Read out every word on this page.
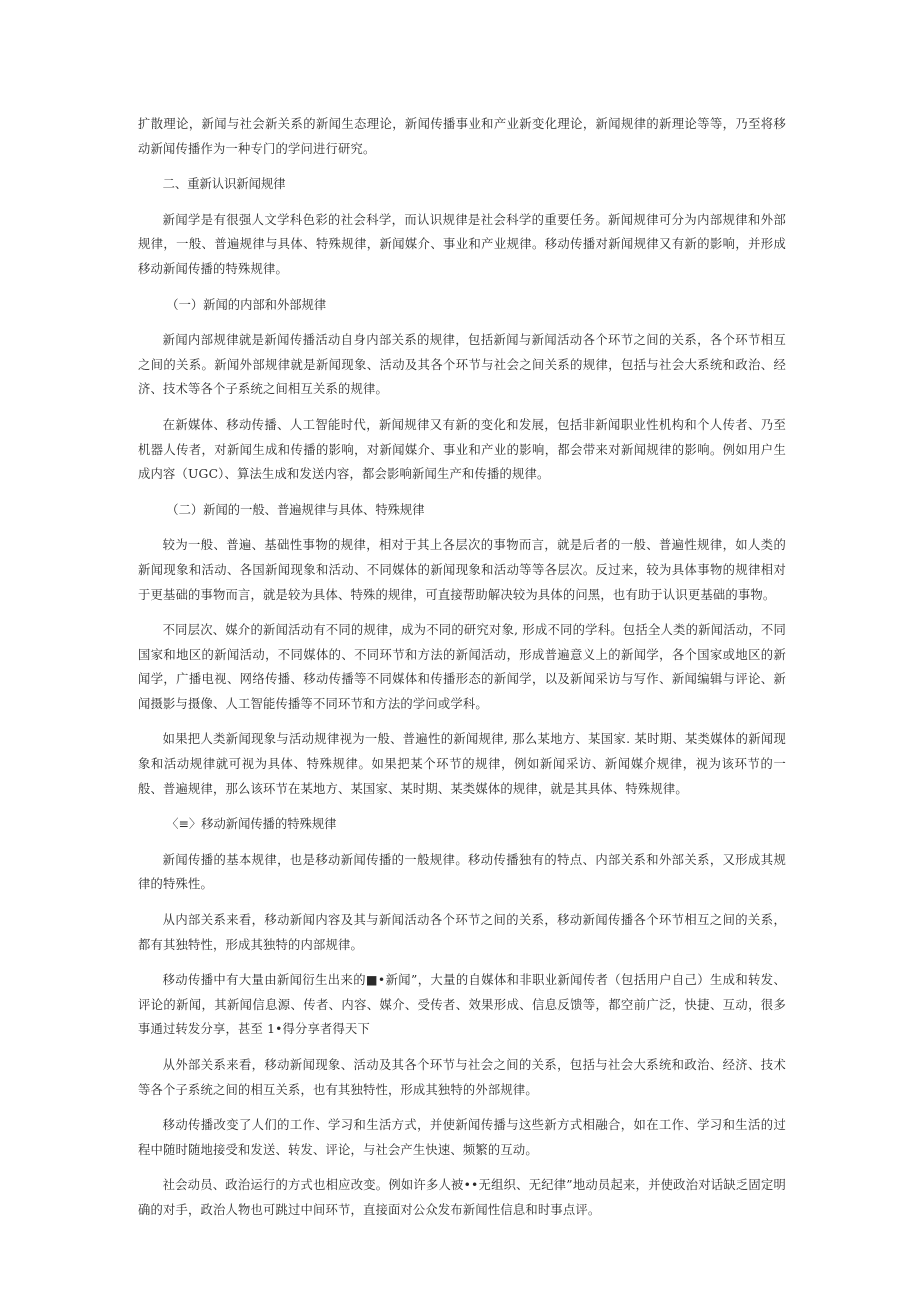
扩散理论，新闻与社会新关系的新闻生态理论，新闻传播事业和产业新变化理论，新闻规律的新理论等等，乃至将移动新闻传播作为一种专门的学问进行研究。

二、重新认识新闻规律

新闻学是有很强人文学科色彩的社会科学，而认识规律是社会科学的重要任务。新闻规律可分为内部规律和外部规律，一般、普遍规律与具体、特殊规律，新闻媒介、事业和产业规律。移动传播对新闻规律又有新的影响，并形成移动新闻传播的特殊规律。

（一）新闻的内部和外部规律

新闻内部规律就是新闻传播活动自身内部关系的规律，包括新闻与新闻活动各个环节之间的关系，各个环节相互之间的关系。新闻外部规律就是新闻现象、活动及其各个环节与社会之间关系的规律，包括与社会大系统和政治、经济、技术等各个子系统之间相互关系的规律。

在新媒体、移动传播、人工智能时代，新闻规律又有新的变化和发展，包括非新闻职业性机构和个人传者、乃至机器人传者，对新闻生成和传播的影响，对新闻媒介、事业和产业的影响，都会带来对新闻规律的影响。例如用户生成内容（UGC）、算法生成和发送内容，都会影响新闻生产和传播的规律。

（二）新闻的一般、普遍规律与具体、特殊规律

较为一般、普遍、基础性事物的规律，相对于其上各层次的事物而言，就是后者的一般、普遍性规律，如人类的新闻现象和活动、各国新闻现象和活动、不同媒体的新闻现象和活动等等各层次。反过来，较为具体事物的规律相对于更基础的事物而言，就是较为具体、特殊的规律，可直接帮助解决较为具体的问黑，也有助于认识更基础的事物。

不同层次、媒介的新闻活动有不同的规律，成为不同的研究对象, 形成不同的学科。包括全人类的新闻活动，不同国家和地区的新闻活动，不同媒体的、不同环节和方法的新闻活动，形成普遍意义上的新闻学，各个国家或地区的新闻学，广播电视、网络传播、移动传播等不同媒体和传播形态的新闻学，以及新闻采访与写作、新闻编辑与评论、新闻摄影与摄像、人工智能传播等不同环节和方法的学问或学科。

如果把人类新闻现象与活动规律视为一般、普遍性的新闻规律, 那么某地方、某国家. 某时期、某类媒体的新闻现象和活动规律就可视为具体、特殊规律。如果把某个环节的规律，例如新闻采访、新闻媒介规律，视为该环节的一般、普遍规律，那么该环节在某地方、某国家、某时期、某类媒体的规律，就是其具体、特殊规律。

〈≡〉移动新闻传播的特殊规律

新闻传播的基本规律，也是移动新闻传播的一般规律。移动传播独有的特点、内部关系和外部关系，又形成其规律的特殊性。

从内部关系来看，移动新闻内容及其与新闻活动各个环节之间的关系，移动新闻传播各个环节相互之间的关系，都有其独特性，形成其独特的内部规律。

移动传播中有大量由新闻衍生出来的■•新闻”，大量的自媒体和非职业新闻传者（包括用户自己）生成和转发、评论的新闻，其新闻信息源、传者、内容、媒介、受传者、效果形成、信息反馈等，都空前广泛，快捷、互动，很多事通过转发分享，甚至 1•得分享者得天下

从外部关系来看，移动新闻现象、活动及其各个环节与社会之间的关系，包括与社会大系统和政治、经济、技术等各个子系统之间的相互关系，也有其独特性，形成其独特的外部规律。

移动传播改变了人们的工作、学习和生活方式，并使新闻传播与这些新方式相融合，如在工作、学习和生活的过程中随时随地接受和发送、转发、评论，与社会产生快速、频繁的互动。

社会动员、政治运行的方式也相应改变。例如许多人被••无组织、无纪律”地动员起来，并使政治对话缺乏固定明确的对手，政治人物也可跳过中间环节，直接面对公众发布新闻性信息和时事点评。
